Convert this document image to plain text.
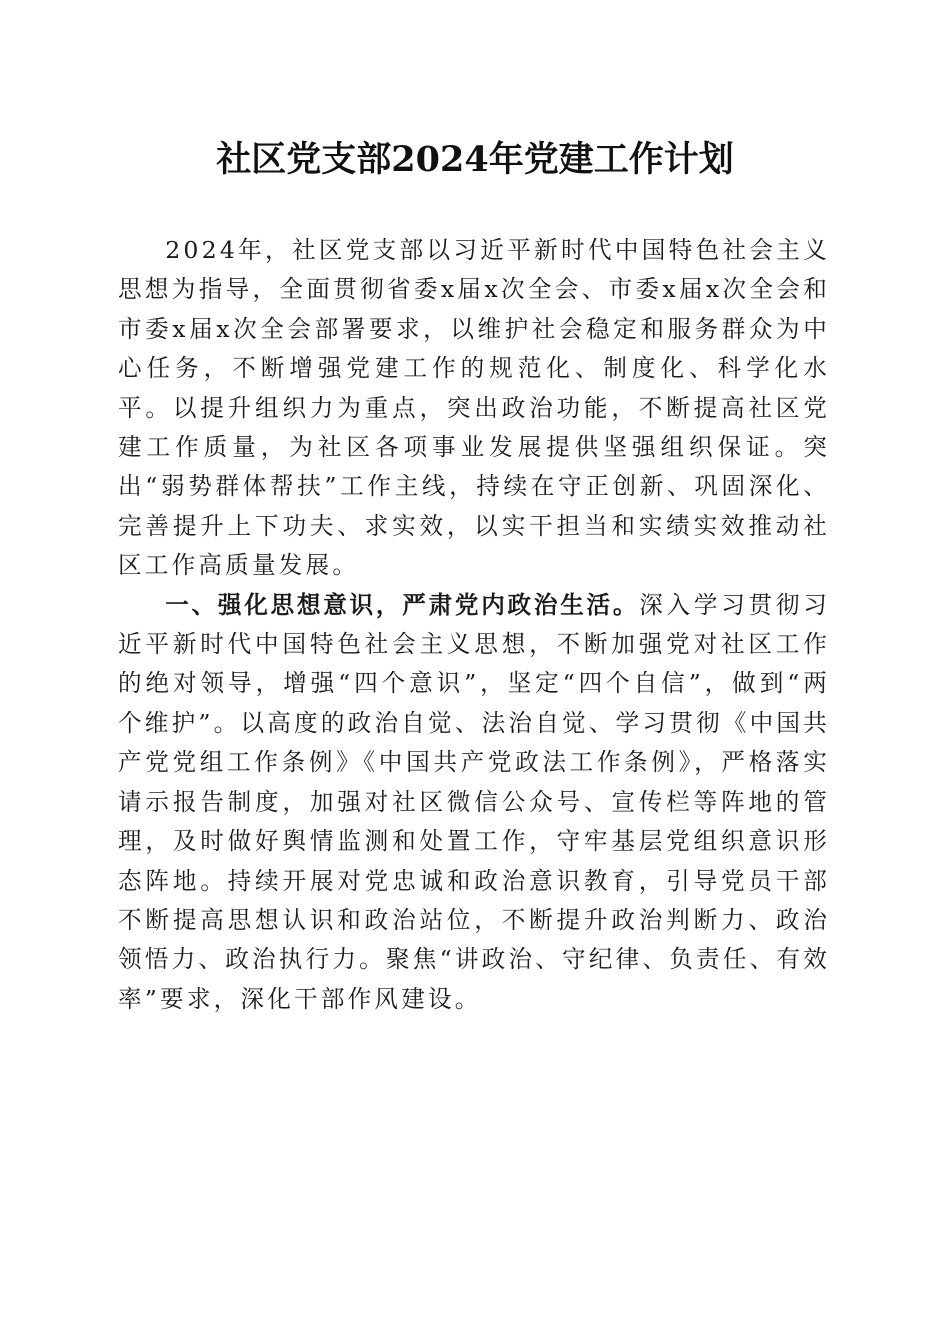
社区党支部2024年党建工作计划

2024年，社区党支部以习近平新时代中国特色社会主义思想为指导，全面贯彻省委x届x次全会、市委x届x次全会和市委x届x次全会部署要求，以维护社会稳定和服务群众为中心任务，不断增强党建工作的规范化、制度化、科学化水平。以提升组织力为重点，突出政治功能，不断提高社区党建工作质量，为社区各项事业发展提供坚强组织保证。突出“弱势群体帮扶”工作主线，持续在守正创新、巩固深化、完善提升上下功夫、求实效，以实干担当和实绩实效推动社区工作高质量发展。

一、强化思想意识，严肃党内政治生活。深入学习贯彻习近平新时代中国特色社会主义思想，不断加强党对社区工作的绝对领导，增强“四个意识”，坚定“四个自信”，做到“两个维护”。以高度的政治自觉、法治自觉、学习贯彻《中国共产党党组工作条例》《中国共产党政法工作条例》，严格落实请示报告制度，加强对社区微信公众号、宣传栏等阵地的管理，及时做好舆情监测和处置工作，守牢基层党组织意识形态阵地。持续开展对党忠诚和政治意识教育，引导党员干部不断提高思想认识和政治站位，不断提升政治判断力、政治领悟力、政治执行力。聚焦“讲政治、守纪律、负责任、有效率”要求，深化干部作风建设。
